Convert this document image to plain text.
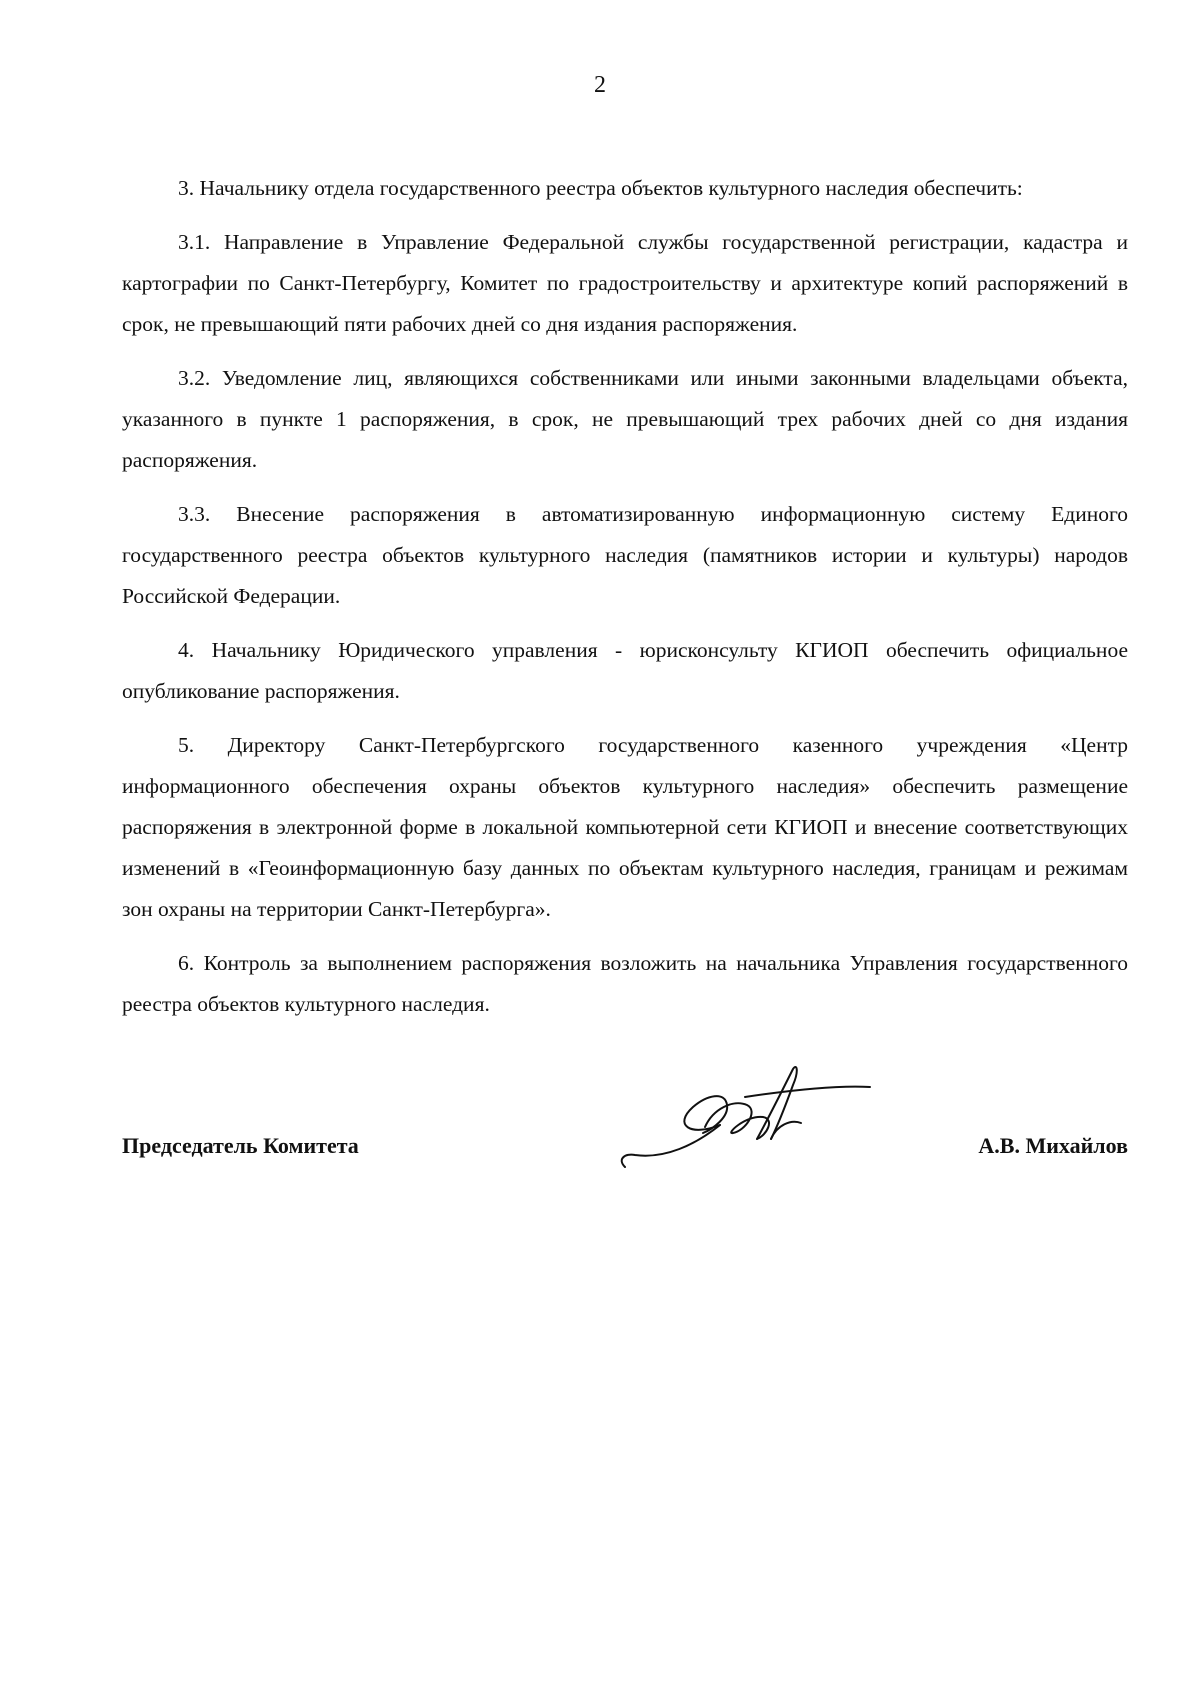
2

3. Начальнику отдела государственного реестра объектов культурного наследия обеспечить:

3.1. Направление в Управление Федеральной службы государственной регистрации, кадастра и картографии по Санкт-Петербургу, Комитет по градостроительству и архитектуре копий распоряжений в срок, не превышающий пяти рабочих дней со дня издания распоряжения.

3.2. Уведомление лиц, являющихся собственниками или иными законными владельцами объекта, указанного в пункте 1 распоряжения, в срок, не превышающий трех рабочих дней со дня издания распоряжения.

3.3. Внесение распоряжения в автоматизированную информационную систему Единого государственного реестра объектов культурного наследия (памятников истории и культуры) народов Российской Федерации.

4. Начальнику Юридического управления - юрисконсульту КГИОП обеспечить официальное опубликование распоряжения.

5. Директору Санкт-Петербургского государственного казенного учреждения «Центр информационного обеспечения охраны объектов культурного наследия» обеспечить размещение распоряжения в электронной форме в локальной компьютерной сети КГИОП и внесение соответствующих изменений в «Геоинформационную базу данных по объектам культурного наследия, границам и режимам зон охраны на территории Санкт-Петербурга».

6. Контроль за выполнением распоряжения возложить на начальника Управления государственного реестра объектов культурного наследия.

Председатель Комитета	А.В. Михайлов
